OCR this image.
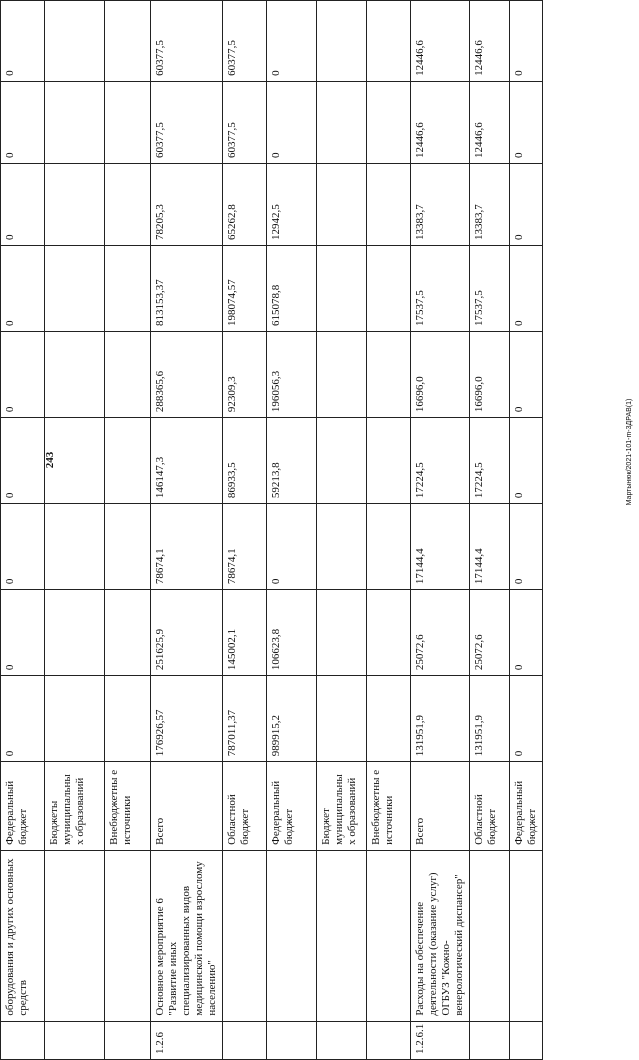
243	Мартынюк/2021-101-m-3ДРАВ(1)
	оборудования и других основных средств	Федеральный бюджет	0	0	0	0	0	0	0	0	0
		Бюджеты муниципальны х образований									
		Внебюджетны е источники									
1.2.6	Основное мероприятие 6 "Развитие иных специализированных видов медицинской помощи взрослому населению"	Всего	176926,57	251625,9	78674,1	146147,3	288365,6	813153,37	78205,3	60377,5	60377,5
		Областной бюджет	787011,37	145002,1	78674,1	86933,5	92309,3	198074,57	65262,8	60377,5	60377,5
		Федеральный бюджет	989915,2	106623,8	0	59213,8	196056,3	615078,8	12942,5	0	0
		Бюджет муниципальны х образований									
		Внебюджетны е источники									
1.2.6.1	Расходы на обеспечение деятельности (оказание услуг) ОГБУЗ "Кожно-венерологический диспансер"	Всего	131951,9	25072,6	17144,4	17224,5	16696,0	17537,5	13383,7	12446,6	12446,6
		Областной бюджет	131951,9	25072,6	17144,4	17224,5	16696,0	17537,5	13383,7	12446,6	12446,6
		Федеральный бюджет	0	0	0	0	0	0	0	0	0
